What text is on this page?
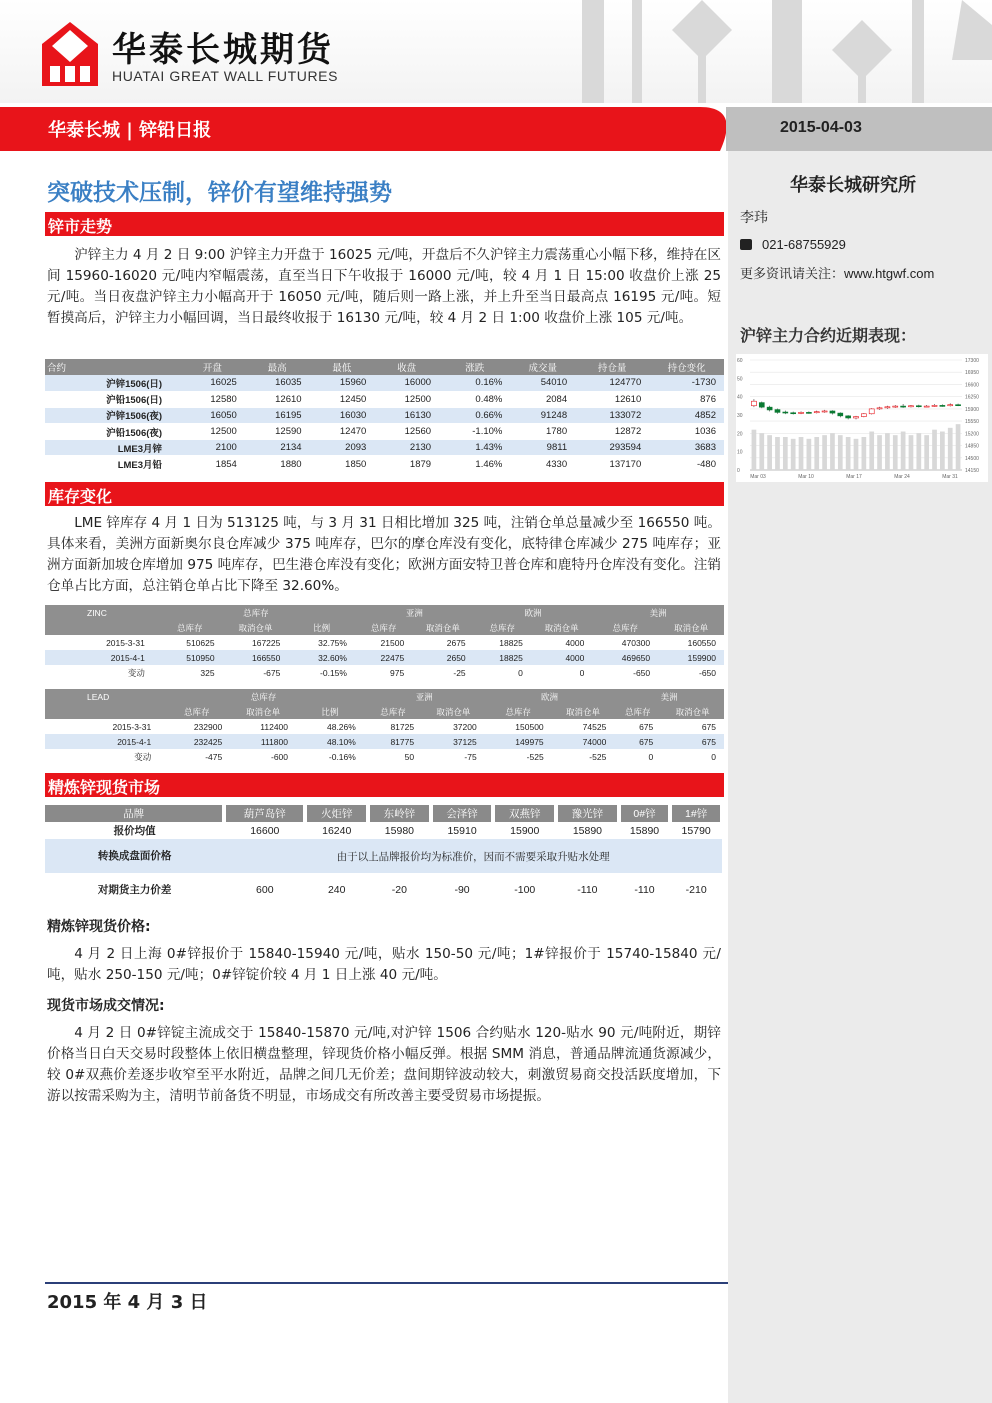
华泰长城期货
HUATAI GREAT WALL FUTURES
华泰长城 | 锌铅日报	2015-04-03
华泰长城研究所
李玮
021-68755929
更多资讯请关注：www.htgwf.com
沪锌主力合约近期表现：
17300
16950
16600
16250
15900
15550
15200
14850
14500
14150
60
50
40
30
20
10
0
Mar 03	Mar 10	Mar 17	Mar 24	Mar 31
突破技术压制，锌价有望维持强势
锌市走势
沪锌主力 4 月 2 日 9:00 沪锌主力开盘于 16025 元/吨，开盘后不久沪锌主力震荡重心小幅下移，维持在区间 15960-16020 元/吨内窄幅震荡，直至当日下午收报于 16000 元/吨，较 4 月 1 日 15:00 收盘价上涨 25 元/吨。当日夜盘沪锌主力小幅高开于 16050 元/吨，随后则一路上涨，并上升至当日最高点 16195 元/吨。短暂摸高后，沪锌主力小幅回调，当日最终收报于 16130 元/吨，较 4 月 2 日 1:00 收盘价上涨 105 元/吨。
合约	开盘	最高	最低	收盘	涨跌	成交量	持仓量	持仓变化
沪锌1506(日)	16025	16035	15960	16000	0.16%	54010	124770	-1730
沪铅1506(日)	12580	12610	12450	12500	0.48%	2084	12610	876
沪锌1506(夜)	16050	16195	16030	16130	0.66%	91248	133072	4852
沪铅1506(夜)	12500	12590	12470	12560	-1.10%	1780	12872	1036
LME3月锌	2100	2134	2093	2130	1.43%	9811	293594	3683
LME3月铅	1854	1880	1850	1879	1.46%	4330	137170	-480
库存变化
LME 锌库存 4 月 1 日为 513125 吨，与 3 月 31 日相比增加 325 吨，注销仓单总量减少至 166550 吨。具体来看，美洲方面新奥尔良仓库减少 375 吨库存，巴尔的摩仓库没有变化，底特律仓库减少 275 吨库存；亚洲方面新加坡仓库增加 975 吨库存，巴生港仓库没有变化；欧洲方面安特卫普仓库和鹿特丹仓库没有变化。注销仓单占比方面，总注销仓单占比下降至 32.60%。
ZINC	总库存			亚洲		欧洲		美洲	
	总库存	取消仓单	比例	总库存	取消仓单	总库存	取消仓单	总库存	取消仓单
2015-3-31	510625	167225	32.75%	21500	2675	18825	4000	470300	160550
2015-4-1	510950	166550	32.60%	22475	2650	18825	4000	469650	159900
变动	325	-675	-0.15%	975	-25	0	0	-650	-650
LEAD	总库存			亚洲		欧洲		美洲	
	总库存	取消仓单	比例	总库存	取消仓单	总库存	取消仓单	总库存	取消仓单
2015-3-31	232900	112400	48.26%	81725	37200	150500	74525	675	675
2015-4-1	232425	111800	48.10%	81775	37125	149975	74000	675	675
变动	-475	-600	-0.16%	50	-75	-525	-525	0	0
精炼锌现货市场
品牌	葫芦岛锌	火炬锌	东岭锌	会泽锌	双燕锌	豫光锌	0#锌	1#锌
报价均值	16600	16240	15980	15910	15900	15890	15890	15790
转换成盘面价格	由于以上品牌报价均为标准价，因而不需要采取升贴水处理							
对期货主力价差	600	240	-20	-90	-100	-110	-110	-210
精炼锌现货价格:
4 月 2 日上海 0#锌报价于 15840-15940 元/吨，贴水 150-50 元/吨；1#锌报价于 15740-15840 元/吨，贴水 250-150 元/吨；0#锌锭价较 4 月 1 日上涨 40 元/吨。
现货市场成交情况:
4 月 2 日 0#锌锭主流成交于 15840-15870 元/吨,对沪锌 1506 合约贴水 120-贴水 90 元/吨附近，期锌价格当日白天交易时段整体上依旧横盘整理，锌现货价格小幅反弹。根据 SMM 消息，普通品牌流通货源减少，较 0#双燕价差逐步收窄至平水附近，品牌之间几无价差；盘间期锌波动较大，刺激贸易商交投活跃度增加，下游以按需采购为主，清明节前备货不明显，市场成交有所改善主要受贸易市场提振。
2015 年 4 月 3 日
